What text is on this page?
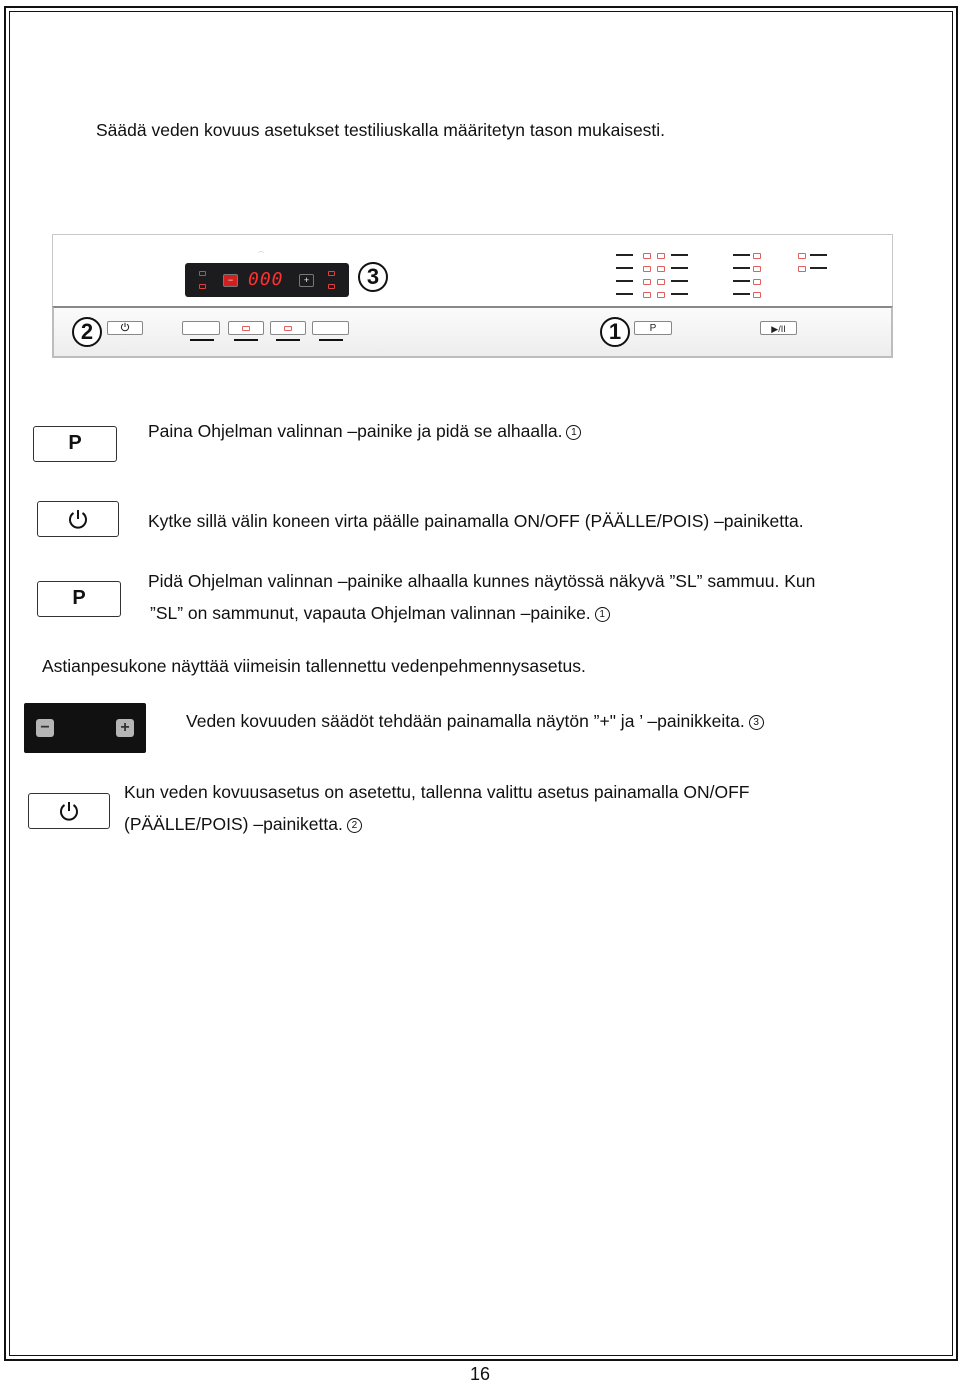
Säädä veden kovuus asetukset testiliuskalla määritetyn tason mukaisesti.
⌒
− 000	+
P	▶/II
2	1
3
P
Paina Ohjelman valinnan –painike ja pidä se alhaalla. 1
Kytke sillä välin koneen virta päälle painamalla ON/OFF (PÄÄLLE/POIS) –painiketta.
P
Pidä Ohjelman valinnan –painike alhaalla kunnes näytössä näkyvä ”SL” sammuu. Kun
”SL” on sammunut, vapauta Ohjelman valinnan –painike. 1
Astianpesukone näyttää viimeisin tallennettu vedenpehmennysasetus.
−	+	Veden kovuuden säädöt tehdään painamalla näytön ”+" ja ’ –painikkeita. 3
Kun veden kovuusasetus on asetettu, tallenna valittu asetus painamalla ON/OFF
(PÄÄLLE/POIS) –painiketta. 2
16
